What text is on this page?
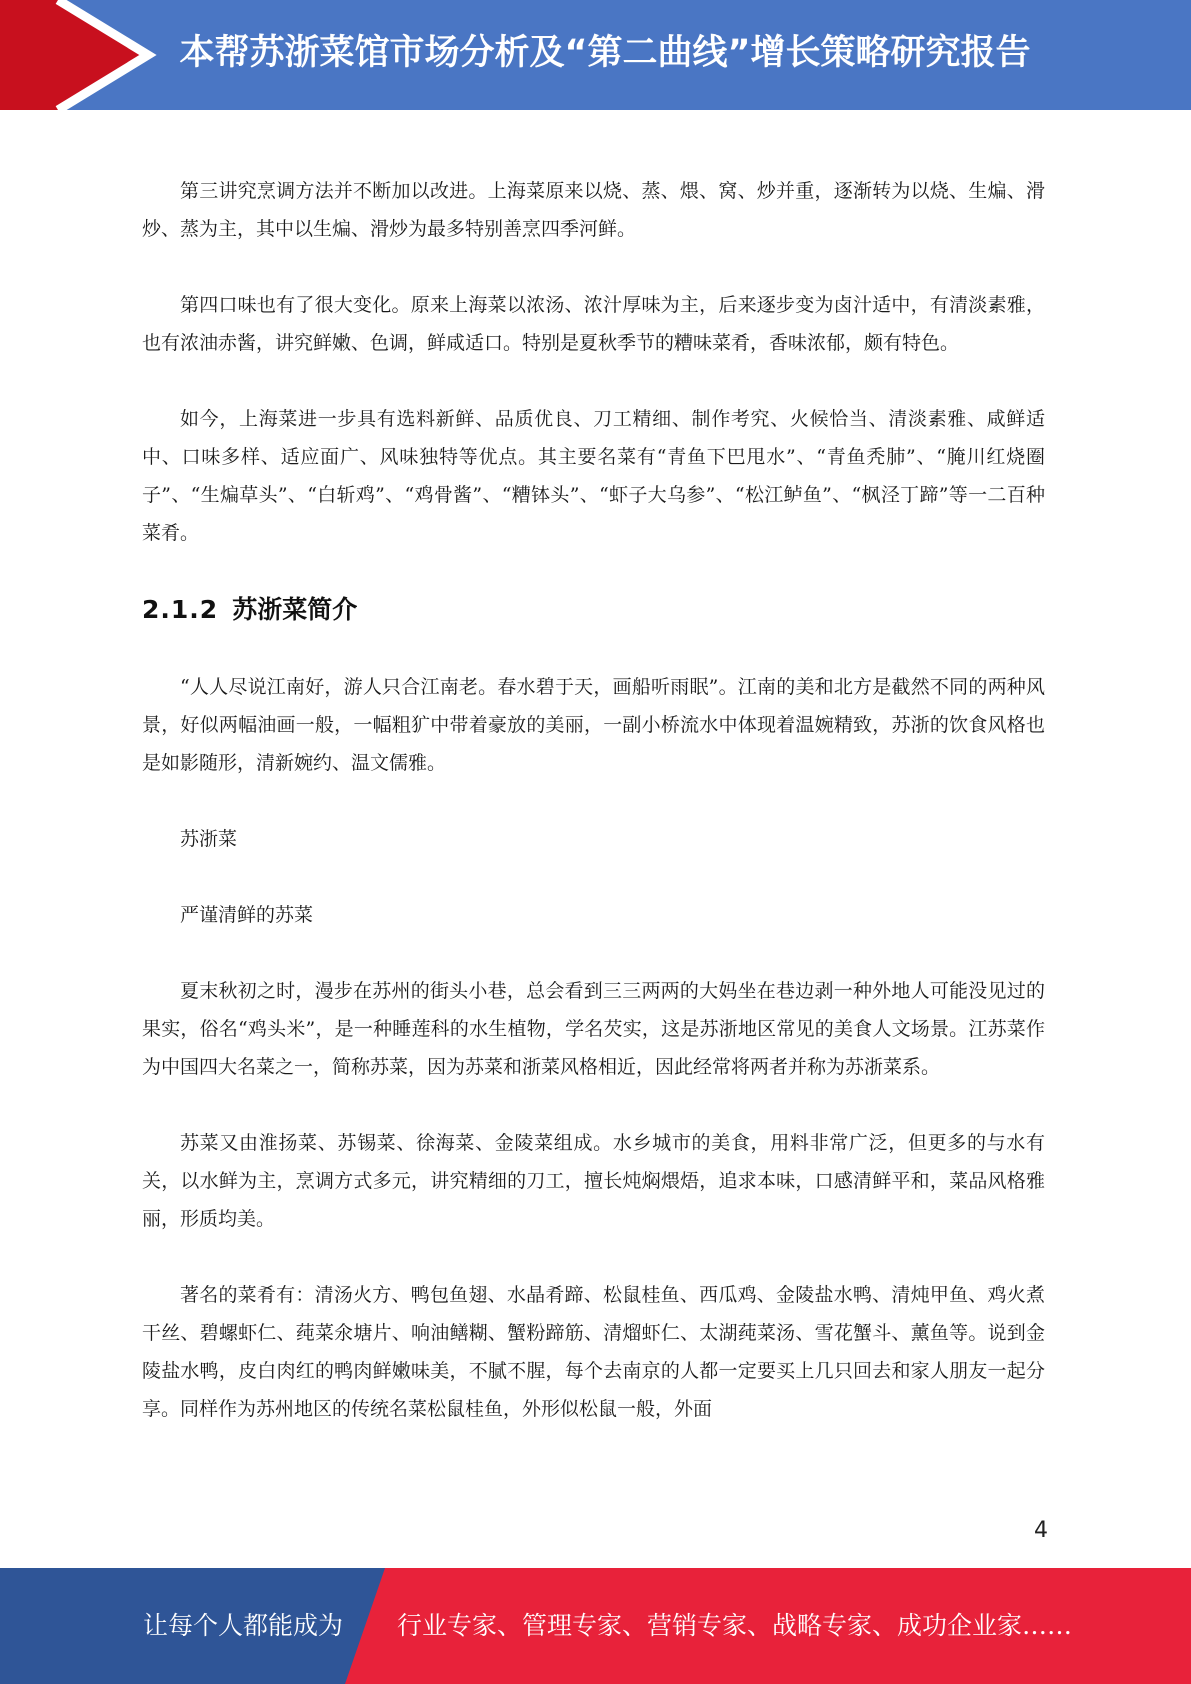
本帮苏浙菜馆市场分析及“第二曲线”增长策略研究报告

第三讲究烹调方法并不断加以改进。上海菜原来以烧、蒸、煨、窝、炒并重，逐渐转为以烧、生煸、滑炒、蒸为主，其中以生煸、滑炒为最多特别善烹四季河鲜。

第四口味也有了很大变化。原来上海菜以浓汤、浓汁厚味为主，后来逐步变为卤汁适中，有清淡素雅，也有浓油赤酱，讲究鲜嫩、色调，鲜咸适口。特别是夏秋季节的糟味菜肴，香味浓郁，颇有特色。

如今，上海菜进一步具有选料新鲜、品质优良、刀工精细、制作考究、火候恰当、清淡素雅、咸鲜适中、口味多样、适应面广、风味独特等优点。其主要名菜有“青鱼下巴甩水”、“青鱼秃肺”、“腌川红烧圈子”、“生煸草头”、“白斩鸡”、“鸡骨酱”、“糟钵头”、“虾子大乌参”、“松江鲈鱼”、“枫泾丁蹄”等一二百种菜肴。

2.1.2 苏浙菜简介

“人人尽说江南好，游人只合江南老。春水碧于天，画船听雨眠”。江南的美和北方是截然不同的两种风景，好似两幅油画一般，一幅粗犷中带着豪放的美丽，一副小桥流水中体现着温婉精致，苏浙的饮食风格也是如影随形，清新婉约、温文儒雅。

苏浙菜

严谨清鲜的苏菜

夏末秋初之时，漫步在苏州的街头小巷，总会看到三三两两的大妈坐在巷边剥一种外地人可能没见过的果实，俗名“鸡头米”，是一种睡莲科的水生植物，学名芡实，这是苏浙地区常见的美食人文场景。江苏菜作为中国四大名菜之一，简称苏菜，因为苏菜和浙菜风格相近，因此经常将两者并称为苏浙菜系。

苏菜又由淮扬菜、苏锡菜、徐海菜、金陵菜组成。水乡城市的美食，用料非常广泛，但更多的与水有关，以水鲜为主，烹调方式多元，讲究精细的刀工，擅长炖焖煨焐，追求本味，口感清鲜平和，菜品风格雅丽，形质均美。

著名的菜肴有：清汤火方、鸭包鱼翅、水晶肴蹄、松鼠桂鱼、西瓜鸡、金陵盐水鸭、清炖甲鱼、鸡火煮干丝、碧螺虾仁、莼菜氽塘片、响油鳝糊、蟹粉蹄筋、清熘虾仁、太湖莼菜汤、雪花蟹斗、薰鱼等。说到金陵盐水鸭，皮白肉红的鸭肉鲜嫩味美，不腻不腥，每个去南京的人都一定要买上几只回去和家人朋友一起分享。同样作为苏州地区的传统名菜松鼠桂鱼，外形似松鼠一般，外面

4
让每个人都能成为 行业专家、管理专家、营销专家、战略专家、成功企业家……
